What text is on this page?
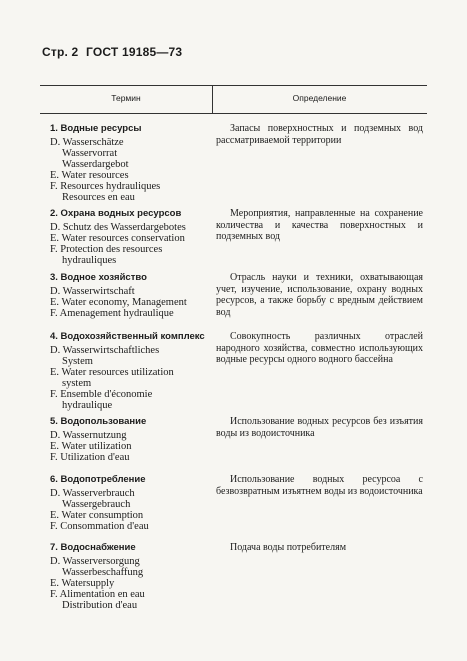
Стр. 2 ГОСТ 19185—73
Термин	Определение
1. Водные ресурсы
D. Wasserschätze
Wasservorrat
Wasserdargebot
E. Water resources
F. Resources hydrauliques
Resources en eau
Запасы поверхностных и подземных вод рассматриваемой территории
2. Охрана водных ресурсов
D. Schutz des Wasserdargebotes
E. Water resources conservation
F. Protection des resources
hydrauliques
Мероприятия, направленные на сохранение количества и качества поверхностных и подземных вод
3. Водное хозяйство
D. Wasserwirtschaft
E. Water economy, Management
F. Amenagement hydraulique
Отрасль науки и техники, охватывающая учет, изучение, использование, охрану водных ресурсов, а также борьбу с вредным действием вод
4. Водохозяйственный комплекс
D. Wasserwirtschaftliches
System
E. Water resources utilization
system
F. Ensemble d'économie
hydraulique
Совокупность различных отраслей народного хозяйства, совместно использующих водные ресурсы одного водного бассейна
5. Водопользование
D. Wassernutzung
E. Water utilization
F. Utilization d'eau
Использование водных ресурсов без изъятия воды из водоисточника
6. Водопотребление
D. Wasserverbrauch
Wassergebrauch
E. Water consumption
F. Consommation d'eau
Использование водных ресурсоа с безвозвратным изъятнем воды из водоисточника
7. Водоснабжение
D. Wasserversorgung
Wasserbeschaffung
E. Watersupply
F. Alimentation en eau
Distribution d'eau
Подача воды потребителям
